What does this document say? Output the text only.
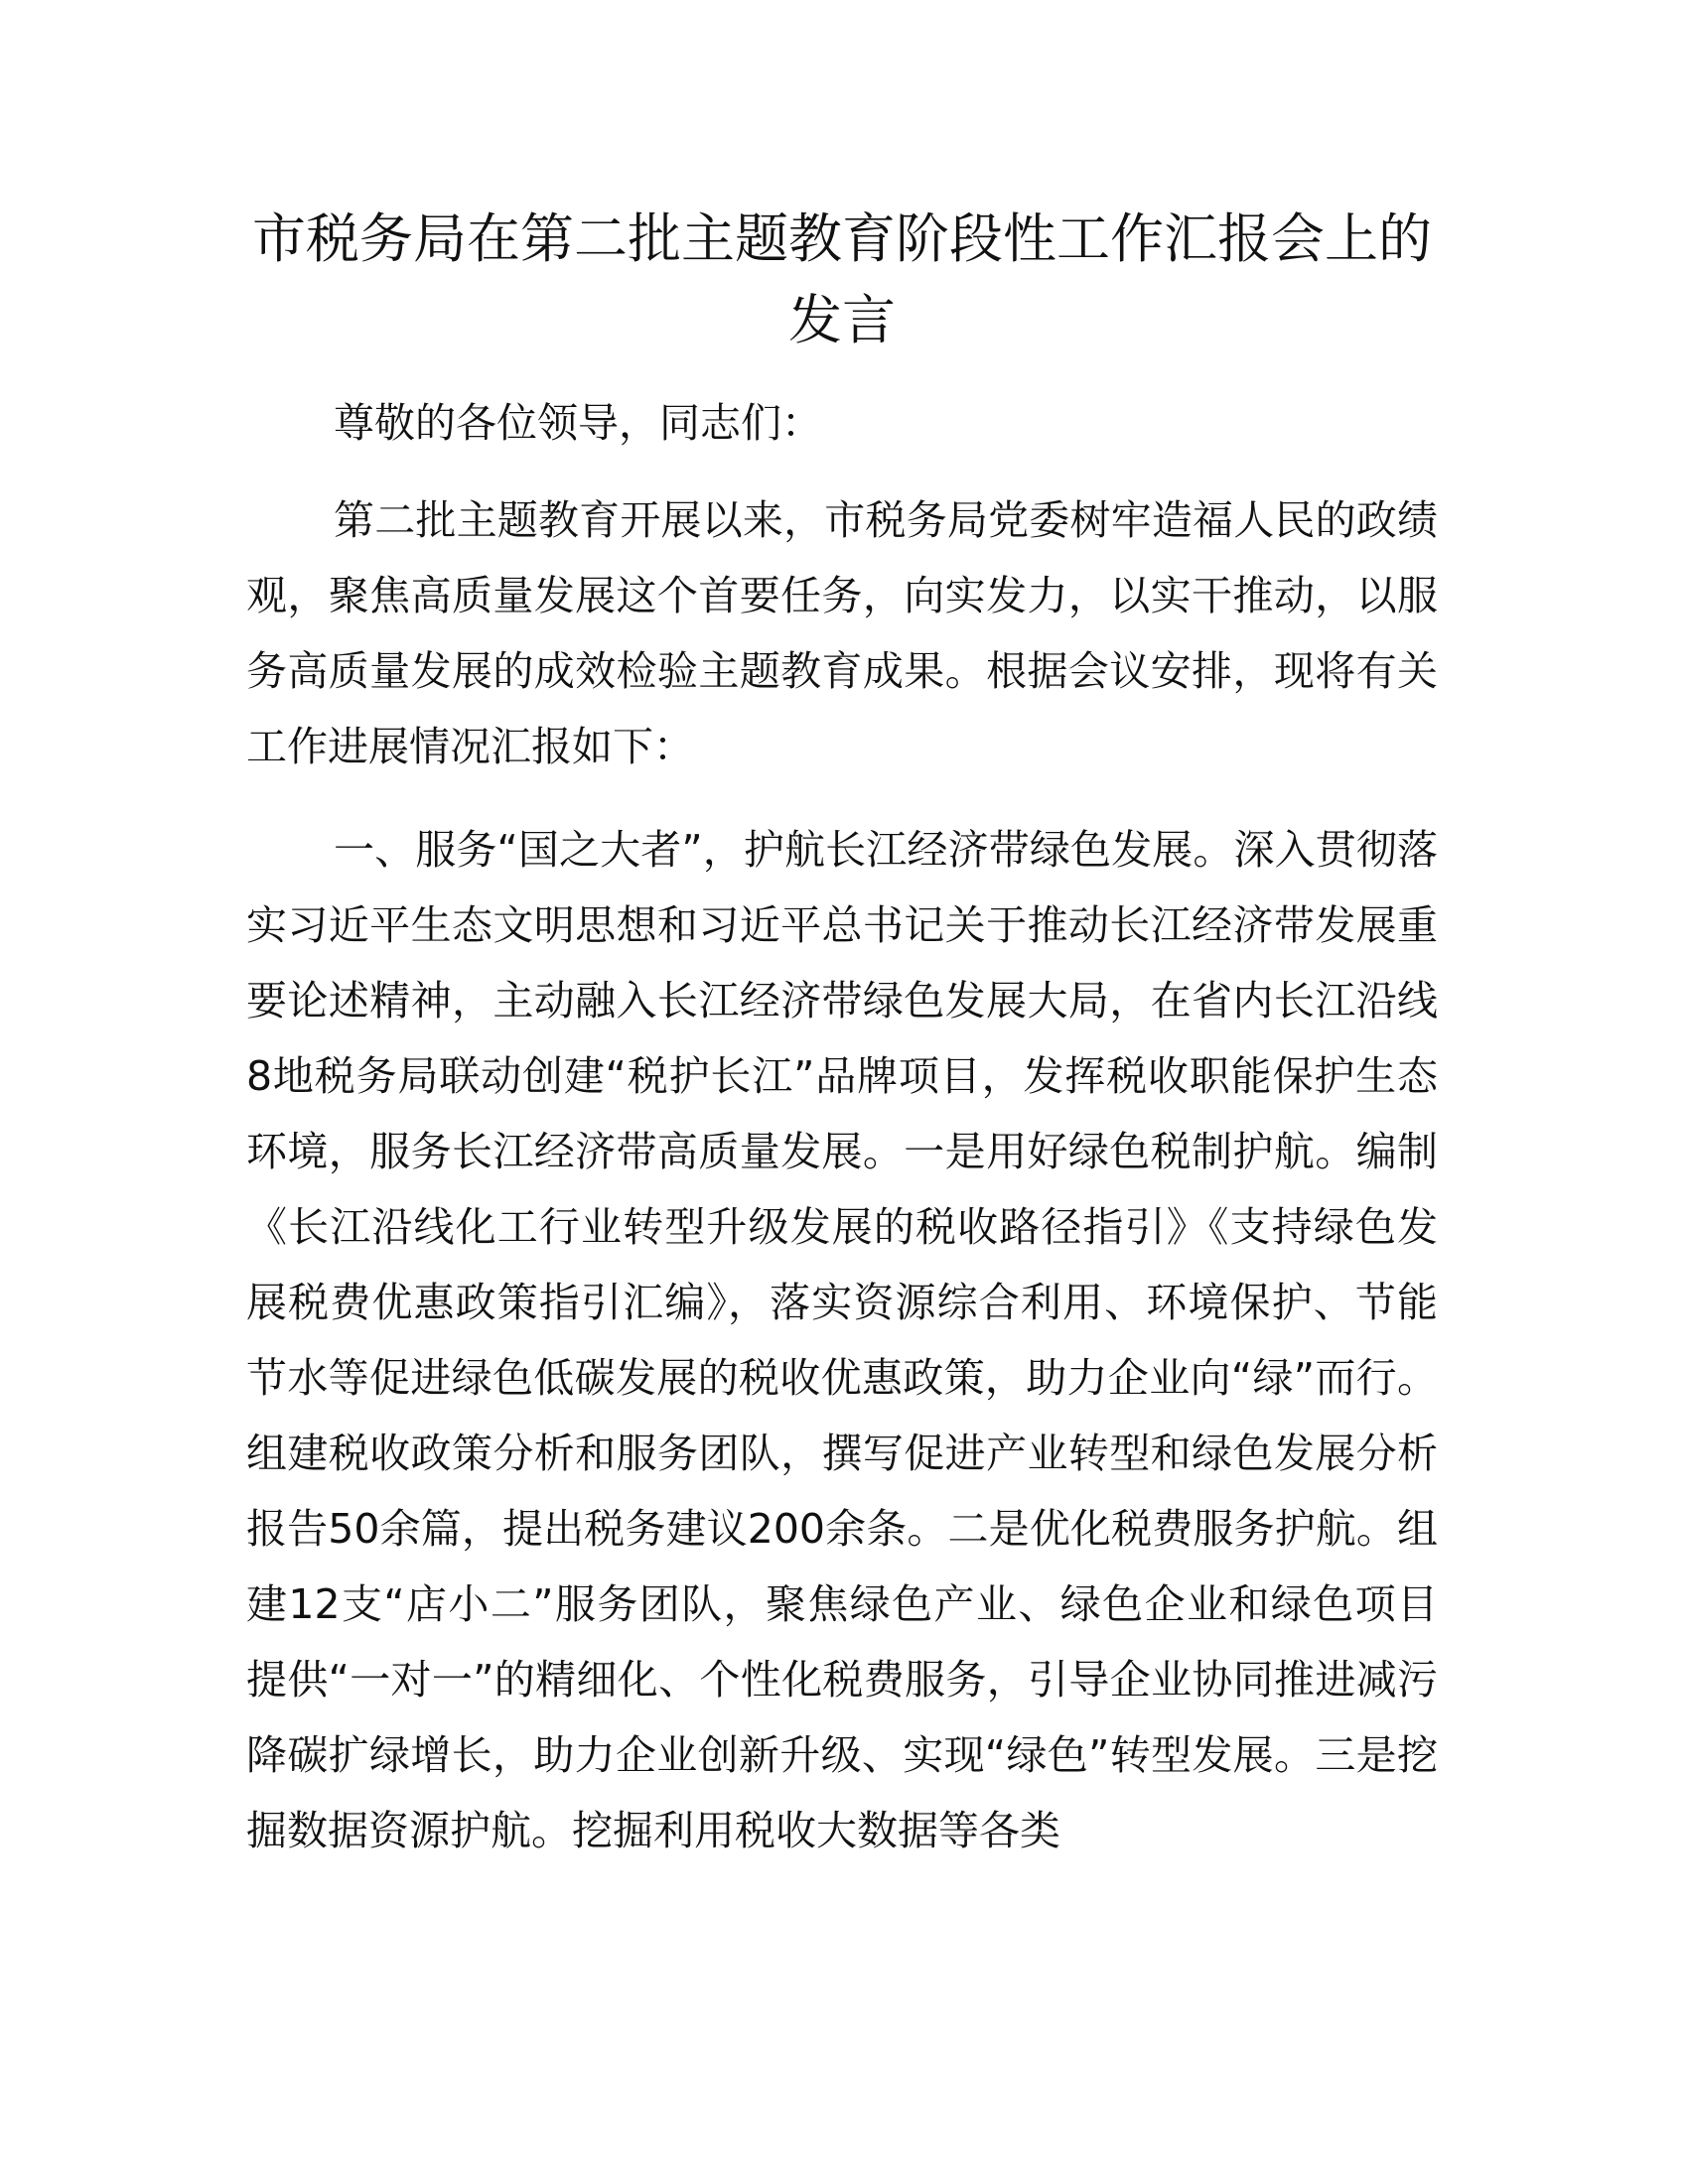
市税务局在第二批主题教育阶段性工作汇报会上的发言

尊敬的各位领导，同志们：

第二批主题教育开展以来，市税务局党委树牢造福人民的政绩观，聚焦高质量发展这个首要任务，向实发力，以实干推动，以服务高质量发展的成效检验主题教育成果。根据会议安排，现将有关工作进展情况汇报如下：

一、服务“国之大者”，护航长江经济带绿色发展。深入贯彻落实习近平生态文明思想和习近平总书记关于推动长江经济带发展重要论述精神，主动融入长江经济带绿色发展大局，在省内长江沿线8地税务局联动创建“税护长江”品牌项目，发挥税收职能保护生态环境，服务长江经济带高质量发展。一是用好绿色税制护航。编制《长江沿线化工行业转型升级发展的税收路径指引》《支持绿色发展税费优惠政策指引汇编》，落实资源综合利用、环境保护、节能节水等促进绿色低碳发展的税收优惠政策，助力企业向“绿”而行。组建税收政策分析和服务团队，撰写促进产业转型和绿色发展分析报告50余篇，提出税务建议200余条。二是优化税费服务护航。组建12支“店小二”服务团队，聚焦绿色产业、绿色企业和绿色项目提供“一对一”的精细化、个性化税费服务，引导企业协同推进减污降碳扩绿增长，助力企业创新升级、实现“绿色”转型发展。三是挖掘数据资源护航。挖掘利用税收大数据等各类
